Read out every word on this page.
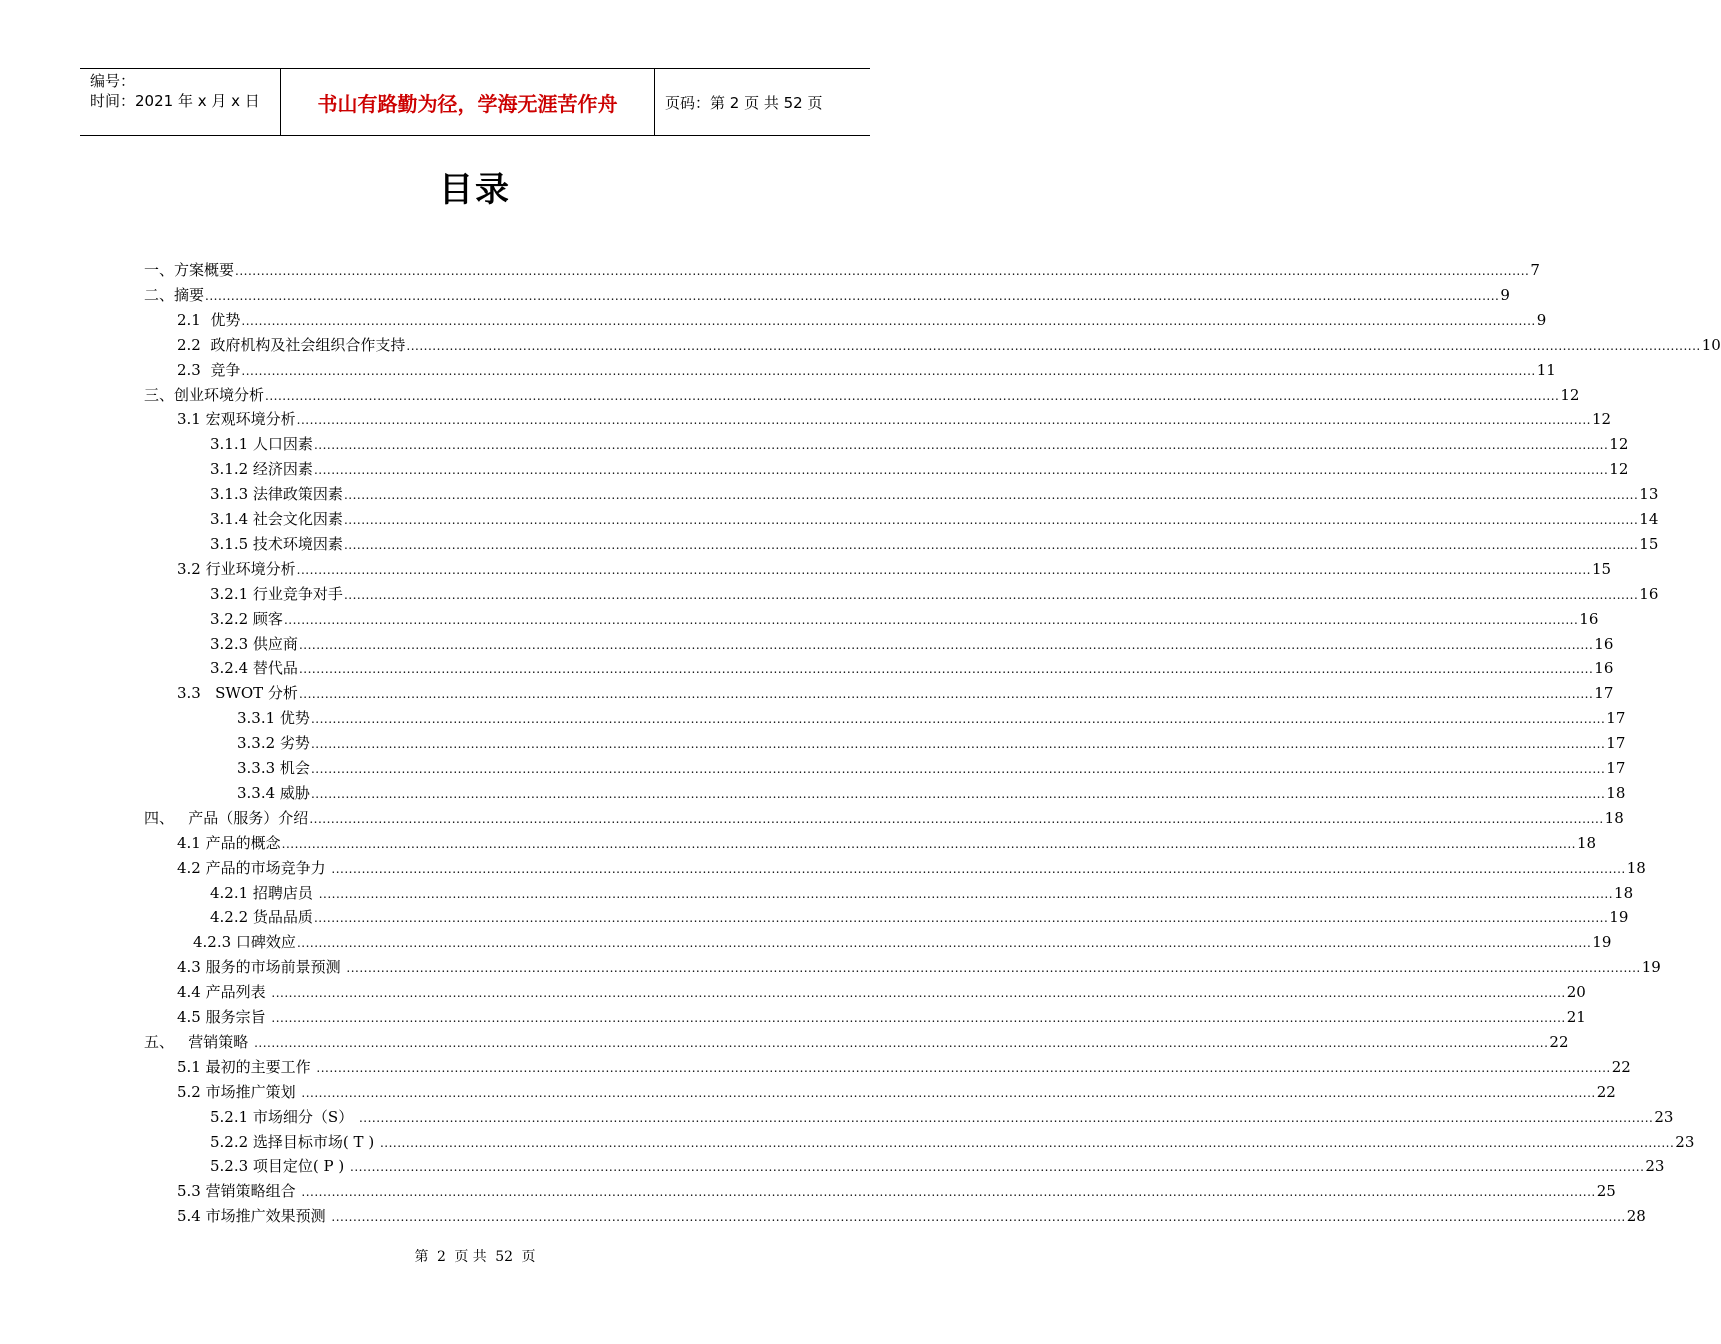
编号：
时间：2021 年 x 月 x 日	书山有路勤为径，学海无涯苦作舟	页码：第 2 页 共 52 页
目录
一、方案概要 ............................................................................................................................................................................................................................................................................................................ 7
二、摘要 ............................................................................................................................................................................................................................................................................................................ 9
2.1  优势 ............................................................................................................................................................................................................................................................................................................ 9
2.2  政府机构及社会组织合作支持 ............................................................................................................................................................................................................................................................................................................ 10
2.3  竞争 ............................................................................................................................................................................................................................................................................................................ 11
三、创业环境分析 ............................................................................................................................................................................................................................................................................................................ 12
3.1 宏观环境分析 ............................................................................................................................................................................................................................................................................................................ 12
3.1.1 人口因素 ............................................................................................................................................................................................................................................................................................................ 12
3.1.2 经济因素 ............................................................................................................................................................................................................................................................................................................ 12
3.1.3 法律政策因素 ............................................................................................................................................................................................................................................................................................................ 13
3.1.4 社会文化因素 ............................................................................................................................................................................................................................................................................................................ 14
3.1.5 技术环境因素 ............................................................................................................................................................................................................................................................................................................ 15
3.2 行业环境分析 ............................................................................................................................................................................................................................................................................................................ 15
3.2.1 行业竞争对手 ............................................................................................................................................................................................................................................................................................................ 16
3.2.2 顾客 ............................................................................................................................................................................................................................................................................................................ 16
3.2.3 供应商 ............................................................................................................................................................................................................................................................................................................ 16
3.2.4 替代品 ............................................................................................................................................................................................................................................................................................................ 16
3.3   SWOT 分析 ............................................................................................................................................................................................................................................................................................................ 17
3.3.1 优势 ............................................................................................................................................................................................................................................................................................................ 17
3.3.2 劣势 ............................................................................................................................................................................................................................................................................................................ 17
3.3.3 机会 ............................................................................................................................................................................................................................................................................................................ 17
3.3.4 威胁 ............................................................................................................................................................................................................................................................................................................ 18
四、   产品（服务）介绍 ............................................................................................................................................................................................................................................................................................................ 18
4.1 产品的概念 ............................................................................................................................................................................................................................................................................................................ 18
4.2 产品的市场竞争力 ............................................................................................................................................................................................................................................................................................................ 18
4.2.1 招聘店员 ............................................................................................................................................................................................................................................................................................................ 18
4.2.2 货品品质 ............................................................................................................................................................................................................................................................................................................ 19
4.2.3 口碑效应 ............................................................................................................................................................................................................................................................................................................ 19
4.3 服务的市场前景预测 ............................................................................................................................................................................................................................................................................................................ 19
4.4 产品列表 ............................................................................................................................................................................................................................................................................................................ 20
4.5 服务宗旨 ............................................................................................................................................................................................................................................................................................................ 21
五、   营销策略 ............................................................................................................................................................................................................................................................................................................ 22
5.1 最初的主要工作 ............................................................................................................................................................................................................................................................................................................ 22
5.2 市场推广策划 ............................................................................................................................................................................................................................................................................................................ 22
5.2.1 市场细分（S） ............................................................................................................................................................................................................................................................................................................ 23
5.2.2 选择目标市场( T ) ............................................................................................................................................................................................................................................................................................................ 23
5.2.3 项目定位( P ) ............................................................................................................................................................................................................................................................................................................ 23
5.3 营销策略组合 ............................................................................................................................................................................................................................................................................................................ 25
5.4 市场推广效果预测 ............................................................................................................................................................................................................................................................................................................ 28
第 2 页 共 52 页
